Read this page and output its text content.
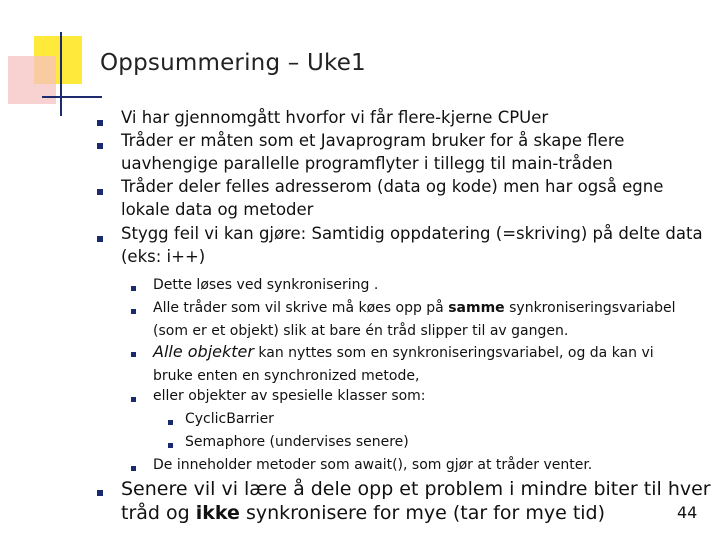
Oppsummering – Uke1
Vi har gjennomgått hvorfor vi får flere-kjerne CPUer
Tråder er måten som et Javaprogram bruker for å skape flere
uavhengige parallelle programflyter i tillegg til main-tråden
Tråder deler felles adresserom (data og kode) men har også egne
lokale data og metoder
Stygg feil vi kan gjøre: Samtidig oppdatering (=skriving) på delte data
(eks: i++)
Dette løses ved synkronisering .
Alle tråder som vil skrive må køes opp på samme synkroniseringsvariabel
(som er et objekt) slik at bare én tråd slipper til av gangen.
Alle objekter kan nyttes som en synkroniseringsvariabel, og da kan vi
bruke enten en synchronized metode,
eller objekter av spesielle klasser som:
CyclicBarrier
Semaphore (undervises senere)
De inneholder metoder som await(), som gjør at tråder venter.
Senere vil vi lære å dele opp et problem i mindre biter til hver
tråd og ikke synkronisere for mye (tar for mye tid)	44
